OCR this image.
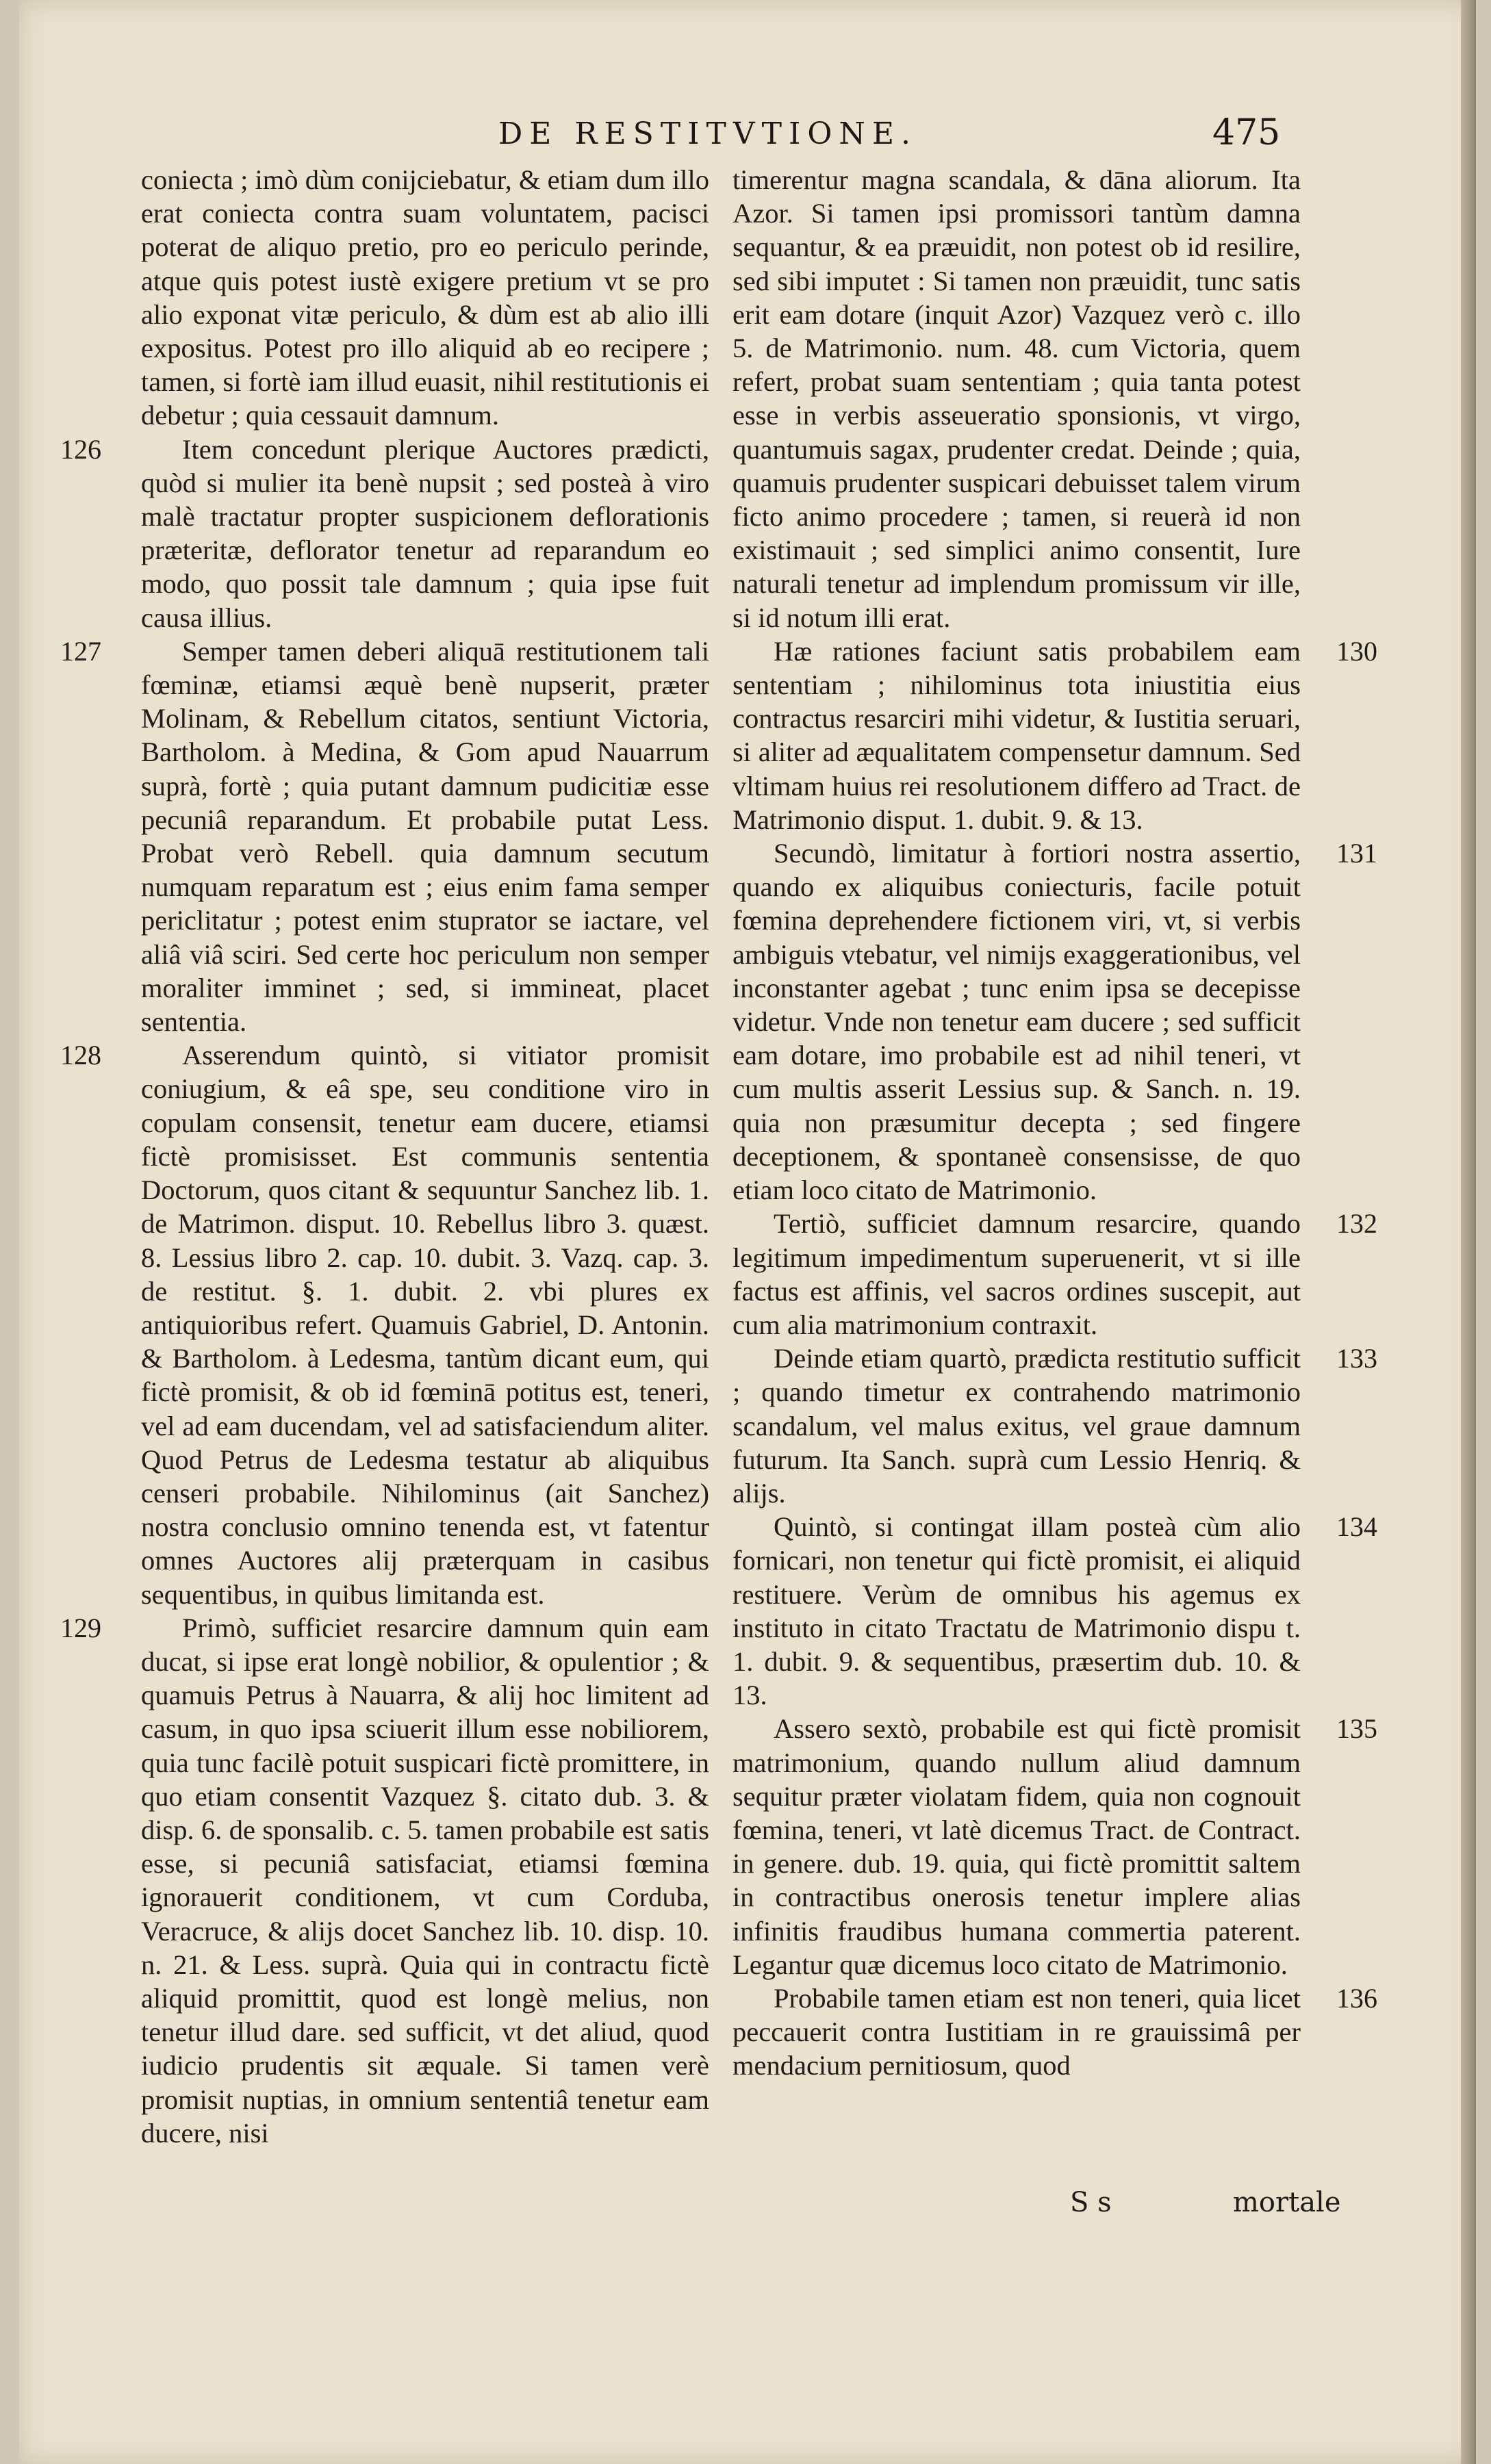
DE RESTITVTIONE.	475

coniecta ; imò dùm conijciebatur, & etiam dum illo erat coniecta contra suam voluntatem, pacisci poterat de aliquo pretio, pro eo periculo perinde, atque quis potest iustè exigere pretium vt se pro alio exponat vitæ periculo, & dùm est ab alio illi expositus. Potest pro illo aliquid ab eo recipere ; tamen, si fortè iam illud euasit, nihil restitutionis ei debetur ; quia cessauit damnum.

126	Item concedunt plerique Auctores prædicti, quòd si mulier ita benè nupsit ; sed posteà à viro malè tractatur propter suspicionem deflorationis præteritæ, deflorator tenetur ad reparandum eo modo, quo possit tale damnum ; quia ipse fuit causa illius.

127	Semper tamen deberi aliquā restitutionem tali fœminæ, etiamsi æquè benè nupserit, præter Molinam, & Rebellum citatos, sentiunt Victoria, Bartholom. à Medina, & Gom apud Nauarrum suprà, fortè ; quia putant damnum pudicitiæ esse pecuniâ reparandum. Et probabile putat Less. Probat verò Rebell. quia damnum secutum numquam reparatum est ; eius enim fama semper periclitatur ; potest enim stuprator se iactare, vel aliâ viâ sciri. Sed certe hoc periculum non semper moraliter imminet ; sed, si immineat, placet sententia.

128	Asserendum quintò, si vitiator promisit coniugium, & eâ spe, seu conditione viro in copulam consensit, tenetur eam ducere, etiamsi fictè promisisset. Est communis sententia Doctorum, quos citant & sequuntur Sanchez lib. 1. de Matrimon. disput. 10. Rebellus libro 3. quæst. 8. Lessius libro 2. cap. 10. dubit. 3. Vazq. cap. 3. de restitut. §. 1. dubit. 2. vbi plures ex antiquioribus refert. Quamuis Gabriel, D. Antonin. & Bartholom. à Ledesma, tantùm dicant eum, qui fictè promisit, & ob id fœminā potitus est, teneri, vel ad eam ducendam, vel ad satisfaciendum aliter. Quod Petrus de Ledesma testatur ab aliquibus censeri probabile. Nihilominus (ait Sanchez) nostra conclusio omnino tenenda est, vt fatentur omnes Auctores alij præterquam in casibus sequentibus, in quibus limitanda est.

129	Primò, sufficiet resarcire damnum quin eam ducat, si ipse erat longè nobilior, & opulentior ; & quamuis Petrus à Nauarra, & alij hoc limitent ad casum, in quo ipsa sciuerit illum esse nobiliorem, quia tunc facilè potuit suspicari fictè promittere, in quo etiam consentit Vazquez §. citato dub. 3. & disp. 6. de sponsalib. c. 5. tamen probabile est satis esse, si pecuniâ satisfaciat, etiamsi fœmina ignorauerit conditionem, vt cum Corduba, Veracruce, & alijs docet Sanchez lib. 10. disp. 10. n. 21. & Less. suprà. Quia qui in contractu fictè aliquid promittit, quod est longè melius, non tenetur illud dare. sed sufficit, vt det aliud, quod iudicio prudentis sit æquale. Si tamen verè promisit nuptias, in omnium sententiâ tenetur eam ducere, nisi

timerentur magna scandala, & dāna aliorum. Ita Azor. Si tamen ipsi promissori tantùm damna sequantur, & ea præuidit, non potest ob id resilire, sed sibi imputet : Si tamen non præuidit, tunc satis erit eam dotare (inquit Azor) Vazquez verò c. illo 5. de Matrimonio. num. 48. cum Victoria, quem refert, probat suam sententiam ; quia tanta potest esse in verbis asseueratio sponsionis, vt virgo, quantumuis sagax, prudenter credat. Deinde ; quia, quamuis prudenter suspicari debuisset talem virum ficto animo procedere ; tamen, si reuerà id non existimauit ; sed simplici animo consentit, Iure naturali tenetur ad implendum promissum vir ille, si id notum illi erat.

130
Hæ rationes faciunt satis probabilem eam sententiam ; nihilominus tota iniustitia eius contractus resarciri mihi videtur, & Iustitia seruari, si aliter ad æqualitatem compensetur damnum. Sed vltimam huius rei resolutionem differo ad Tract. de Matrimonio disput. 1. dubit. 9. & 13.

131
Secundò, limitatur à fortiori nostra assertio, quando ex aliquibus coniecturis, facile potuit fœmina deprehendere fictionem viri, vt, si verbis ambiguis vtebatur, vel nimijs exaggerationibus, vel inconstanter agebat ; tunc enim ipsa se decepisse videtur. Vnde non tenetur eam ducere ; sed sufficit eam dotare, imo probabile est ad nihil teneri, vt cum multis asserit Lessius sup. & Sanch. n. 19. quia non præsumitur decepta ; sed fingere deceptionem, & spontaneè consensisse, de quo etiam loco citato de Matrimonio.

132
Tertiò, sufficiet damnum resarcire, quando legitimum impedimentum superuenerit, vt si ille factus est affinis, vel sacros ordines suscepit, aut cum alia matrimonium contraxit.

133
Deinde etiam quartò, prædicta restitutio sufficit ; quando timetur ex contrahendo matrimonio scandalum, vel malus exitus, vel graue damnum futurum. Ita Sanch. suprà cum Lessio Henriq. & alijs.

134
Quintò, si contingat illam posteà cùm alio fornicari, non tenetur qui fictè promisit, ei aliquid restituere. Verùm de omnibus his agemus ex instituto in citato Tractatu de Matrimonio dispu t. 1. dubit. 9. & sequentibus, præsertim dub. 10. & 13.

135
Assero sextò, probabile est qui fictè promisit matrimonium, quando nullum aliud damnum sequitur præter violatam fidem, quia non cognouit fœmina, teneri, vt latè dicemus Tract. de Contract. in genere. dub. 19. quia, qui fictè promittit saltem in contractibus onerosis tenetur implere alias infinitis fraudibus humana commertia paterent. Legantur quæ dicemus loco citato de Matrimonio.

136
Probabile tamen etiam est non teneri, quia licet peccauerit contra Iustitiam in re grauissimâ per mendacium pernitiosum, quod

S s	mortale
